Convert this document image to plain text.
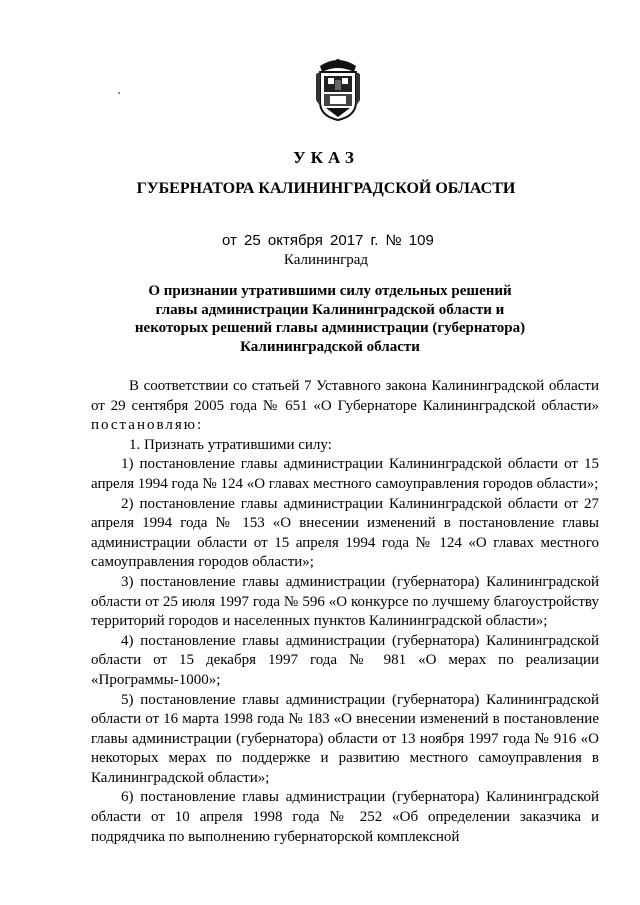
УКАЗ
ГУБЕРНАТОРА КАЛИНИНГРАДСКОЙ ОБЛАСТИ
от 25 октября 2017 г. № 109
Калининград
О признании утратившими силу отдельных решений главы администрации Калининградской области и некоторых решений главы администрации (губернатора) Калининградской области

В соответствии со статьей 7 Уставного закона Калининградской области от 29 сентября 2005 года № 651 «О Губернаторе Калининградской области» постановляю:

1. Признать утратившими силу:

1) постановление главы администрации Калининградской области от 15 апреля 1994 года № 124 «О главах местного самоуправления городов области»;

2) постановление главы администрации Калининградской области от 27 апреля 1994 года № 153 «О внесении изменений в постановление главы администрации области от 15 апреля 1994 года № 124 «О главах местного самоуправления городов области»;

3) постановление главы администрации (губернатора) Калининградской области от 25 июля 1997 года № 596 «О конкурсе по лучшему благоустройству территорий городов и населенных пунктов Калининградской области»;

4) постановление главы администрации (губернатора) Калининградской области от 15 декабря 1997 года № 981 «О мерах по реализации «Программы-1000»;

5) постановление главы администрации (губернатора) Калининградской области от 16 марта 1998 года № 183 «О внесении изменений в постановление главы администрации (губернатора) области от 13 ноября 1997 года № 916 «О некоторых мерах по поддержке и развитию местного самоуправления в Калининградской области»;

6) постановление главы администрации (губернатора) Калининградской области от 10 апреля 1998 года № 252 «Об определении заказчика и подрядчика по выполнению губернаторской комплексной
